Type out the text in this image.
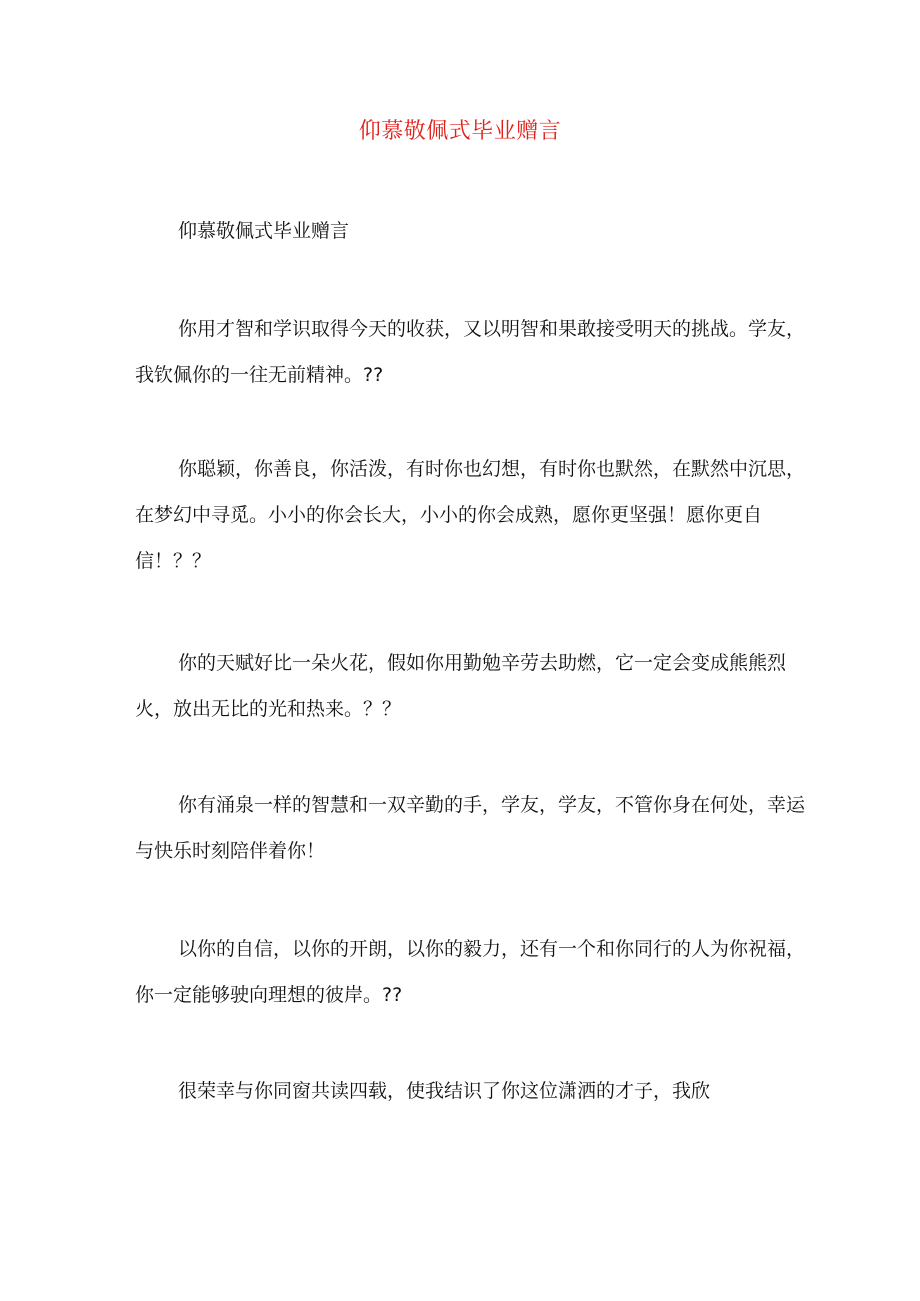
仰慕敬佩式毕业赠言
仰慕敬佩式毕业赠言

你用才智和学识取得今天的收获，又以明智和果敢接受明天的挑战。学友，我钦佩你的一往无前精神。??

你聪颖，你善良，你活泼，有时你也幻想，有时你也默然，在默然中沉思，在梦幻中寻觅。小小的你会长大，小小的你会成熟，愿你更坚强！愿你更自信！？？

你的天赋好比一朵火花，假如你用勤勉辛劳去助燃，它一定会变成熊熊烈火，放出无比的光和热来。？？

你有涌泉一样的智慧和一双辛勤的手，学友，学友，不管你身在何处，幸运与快乐时刻陪伴着你！

以你的自信，以你的开朗，以你的毅力，还有一个和你同行的人为你祝福，你一定能够驶向理想的彼岸。??

很荣幸与你同窗共读四载，使我结识了你这位潇洒的才子，我欣
